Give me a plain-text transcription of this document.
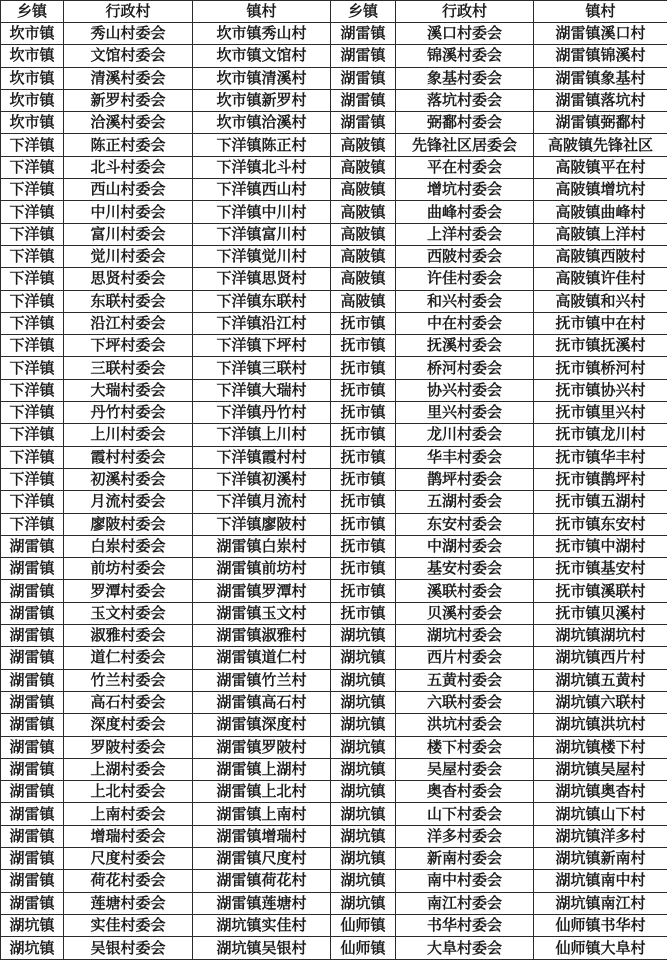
乡镇	行政村	镇村	乡镇	行政村	镇村
坎市镇	秀山村委会	坎市镇秀山村	湖雷镇	溪口村委会	湖雷镇溪口村
坎市镇	文馆村委会	坎市镇文馆村	湖雷镇	锦溪村委会	湖雷镇锦溪村
坎市镇	清溪村委会	坎市镇清溪村	湖雷镇	象基村委会	湖雷镇象基村
坎市镇	新罗村委会	坎市镇新罗村	湖雷镇	落坑村委会	湖雷镇落坑村
坎市镇	洽溪村委会	坎市镇洽溪村	湖雷镇	弼鄱村委会	湖雷镇弼鄱村
下洋镇	陈正村委会	下洋镇陈正村	高陂镇	先锋社区居委会	高陂镇先锋社区
下洋镇	北斗村委会	下洋镇北斗村	高陂镇	平在村委会	高陂镇平在村
下洋镇	西山村委会	下洋镇西山村	高陂镇	增坑村委会	高陂镇增坑村
下洋镇	中川村委会	下洋镇中川村	高陂镇	曲峰村委会	高陂镇曲峰村
下洋镇	富川村委会	下洋镇富川村	高陂镇	上洋村委会	高陂镇上洋村
下洋镇	觉川村委会	下洋镇觉川村	高陂镇	西陂村委会	高陂镇西陂村
下洋镇	思贤村委会	下洋镇思贤村	高陂镇	许佳村委会	高陂镇许佳村
下洋镇	东联村委会	下洋镇东联村	高陂镇	和兴村委会	高陂镇和兴村
下洋镇	沿江村委会	下洋镇沿江村	抚市镇	中在村委会	抚市镇中在村
下洋镇	下坪村委会	下洋镇下坪村	抚市镇	抚溪村委会	抚市镇抚溪村
下洋镇	三联村委会	下洋镇三联村	抚市镇	桥河村委会	抚市镇桥河村
下洋镇	大瑞村委会	下洋镇大瑞村	抚市镇	协兴村委会	抚市镇协兴村
下洋镇	丹竹村委会	下洋镇丹竹村	抚市镇	里兴村委会	抚市镇里兴村
下洋镇	上川村委会	下洋镇上川村	抚市镇	龙川村委会	抚市镇龙川村
下洋镇	霞村村委会	下洋镇霞村村	抚市镇	华丰村委会	抚市镇华丰村
下洋镇	初溪村委会	下洋镇初溪村	抚市镇	鹊坪村委会	抚市镇鹊坪村
下洋镇	月流村委会	下洋镇月流村	抚市镇	五湖村委会	抚市镇五湖村
下洋镇	廖陂村委会	下洋镇廖陂村	抚市镇	东安村委会	抚市镇东安村
湖雷镇	白岽村委会	湖雷镇白岽村	抚市镇	中湖村委会	抚市镇中湖村
湖雷镇	前坊村委会	湖雷镇前坊村	抚市镇	基安村委会	抚市镇基安村
湖雷镇	罗潭村委会	湖雷镇罗潭村	抚市镇	溪联村委会	抚市镇溪联村
湖雷镇	玉文村委会	湖雷镇玉文村	抚市镇	贝溪村委会	抚市镇贝溪村
湖雷镇	淑雅村委会	湖雷镇淑雅村	湖坑镇	湖坑村委会	湖坑镇湖坑村
湖雷镇	道仁村委会	湖雷镇道仁村	湖坑镇	西片村委会	湖坑镇西片村
湖雷镇	竹兰村委会	湖雷镇竹兰村	湖坑镇	五黄村委会	湖坑镇五黄村
湖雷镇	高石村委会	湖雷镇高石村	湖坑镇	六联村委会	湖坑镇六联村
湖雷镇	深度村委会	湖雷镇深度村	湖坑镇	洪坑村委会	湖坑镇洪坑村
湖雷镇	罗陂村委会	湖雷镇罗陂村	湖坑镇	楼下村委会	湖坑镇楼下村
湖雷镇	上湖村委会	湖雷镇上湖村	湖坑镇	吴屋村委会	湖坑镇吴屋村
湖雷镇	上北村委会	湖雷镇上北村	湖坑镇	奥杳村委会	湖坑镇奥杳村
湖雷镇	上南村委会	湖雷镇上南村	湖坑镇	山下村委会	湖坑镇山下村
湖雷镇	增瑞村委会	湖雷镇增瑞村	湖坑镇	洋多村委会	湖坑镇洋多村
湖雷镇	尺度村委会	湖雷镇尺度村	湖坑镇	新南村委会	湖坑镇新南村
湖雷镇	荷花村委会	湖雷镇荷花村	湖坑镇	南中村委会	湖坑镇南中村
湖雷镇	莲塘村委会	湖雷镇莲塘村	湖坑镇	南江村委会	湖坑镇南江村
湖坑镇	实佳村委会	湖坑镇实佳村	仙师镇	书华村委会	仙师镇书华村
湖坑镇	吴银村委会	湖坑镇吴银村	仙师镇	大阜村委会	仙师镇大阜村
